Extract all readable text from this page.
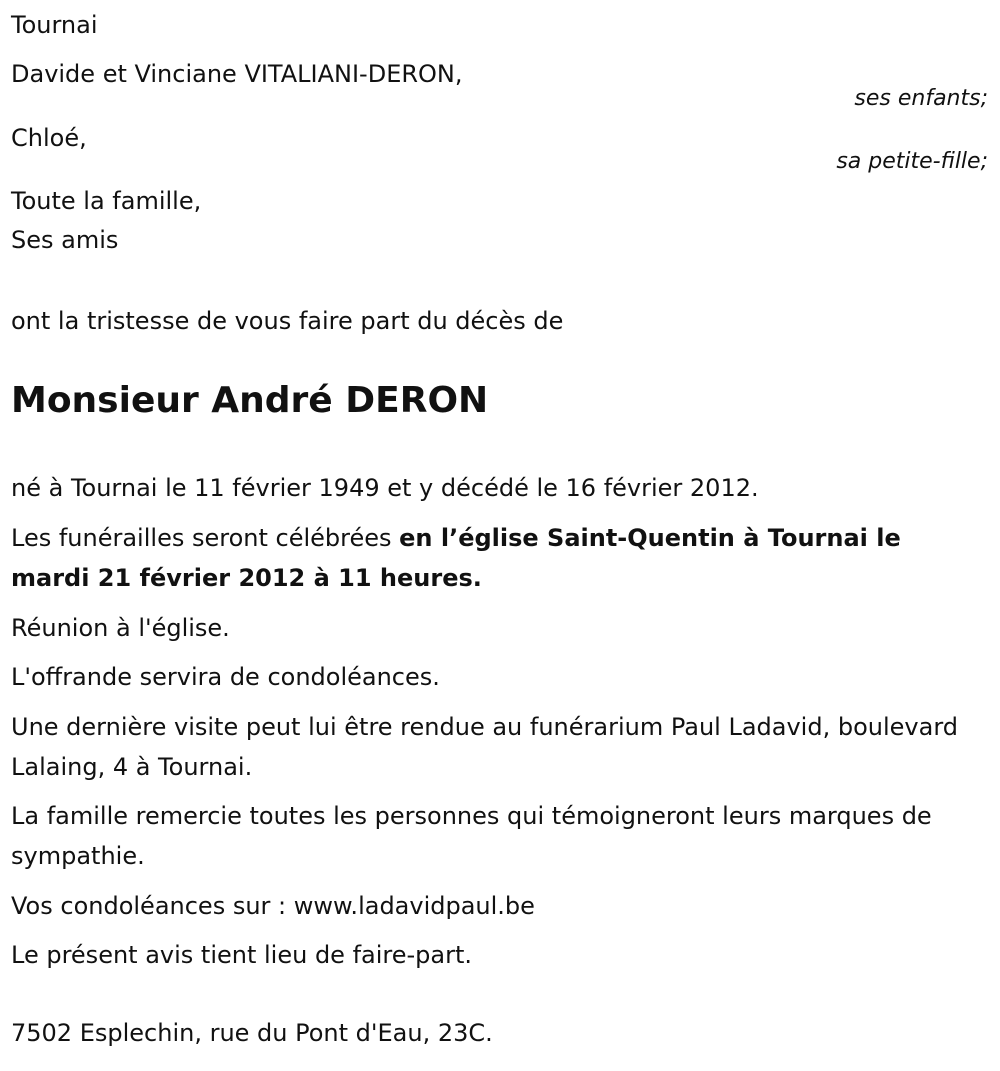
Tournai
Davide et Vinciane VITALIANI-DERON,
ses enfants;
Chloé,
sa petite-fille;
Toute la famille,
Ses amis
ont la tristesse de vous faire part du décès de
Monsieur André DERON
né à Tournai le 11 février 1949 et y décédé le 16 février 2012.
Les funérailles seront célébrées en l’église Saint-Quentin à Tournai le mardi 21 février 2012 à 11 heures.
Réunion à l'église.
L'offrande servira de condoléances.
Une dernière visite peut lui être rendue au funérarium Paul Ladavid, boulevard Lalaing, 4 à Tournai.
La famille remercie toutes les personnes qui témoigneront leurs marques de sympathie.
Vos condoléances sur : www.ladavidpaul.be
Le présent avis tient lieu de faire-part.
7502 Esplechin, rue du Pont d'Eau, 23C.
